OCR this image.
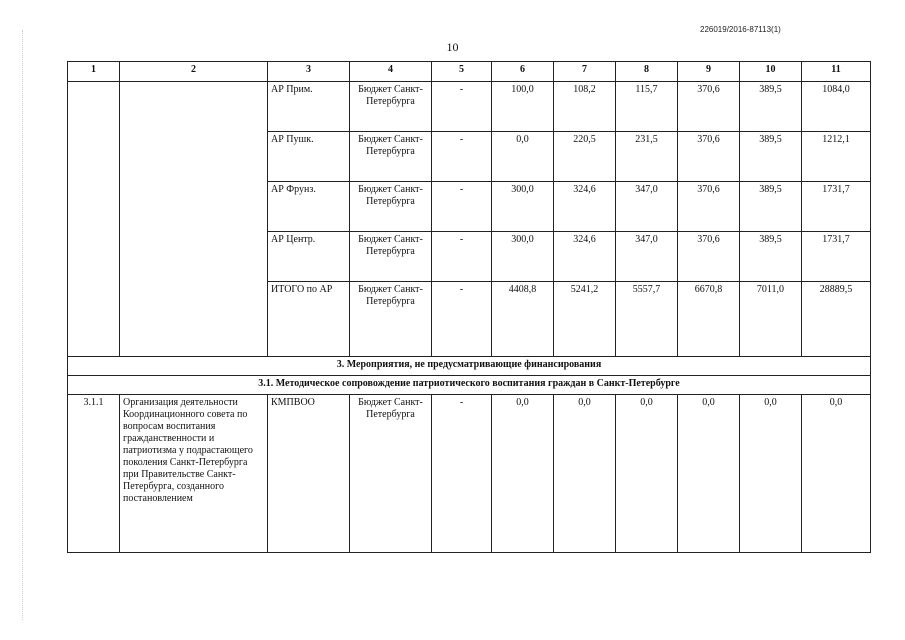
226019/2016-87113(1)
10
1	2	3	4	5	6	7	8	9	10	11
		АР Прим.	Бюджет Санкт-Петербурга	-	100,0	108,2	115,7	370,6	389,5	1084,0
		АР Пушк.	Бюджет Санкт-Петербурга	-	0,0	220,5	231,5	370,6	389,5	1212,1
		АР Фрунз.	Бюджет Санкт-Петербурга	-	300,0	324,6	347,0	370,6	389,5	1731,7
		АР Центр.	Бюджет Санкт-Петербурга	-	300,0	324,6	347,0	370,6	389,5	1731,7
		ИТОГО по АР	Бюджет Санкт-Петербурга	-	4408,8	5241,2	5557,7	6670,8	7011,0	28889,5
3. Мероприятия, не предусматривающие финансирования										
3.1. Методическое сопровождение патриотического воспитания граждан в Санкт-Петербурге										
3.1.1	Организация деятельности Координационного совета по вопросам воспитания гражданственности и патриотизма у подрастающего поколения Санкт-Петербурга при Правительстве Санкт-Петербурга, созданного постановлением	КМПВОО	Бюджет Санкт-Петербурга	-	0,0	0,0	0,0	0,0	0,0	0,0
